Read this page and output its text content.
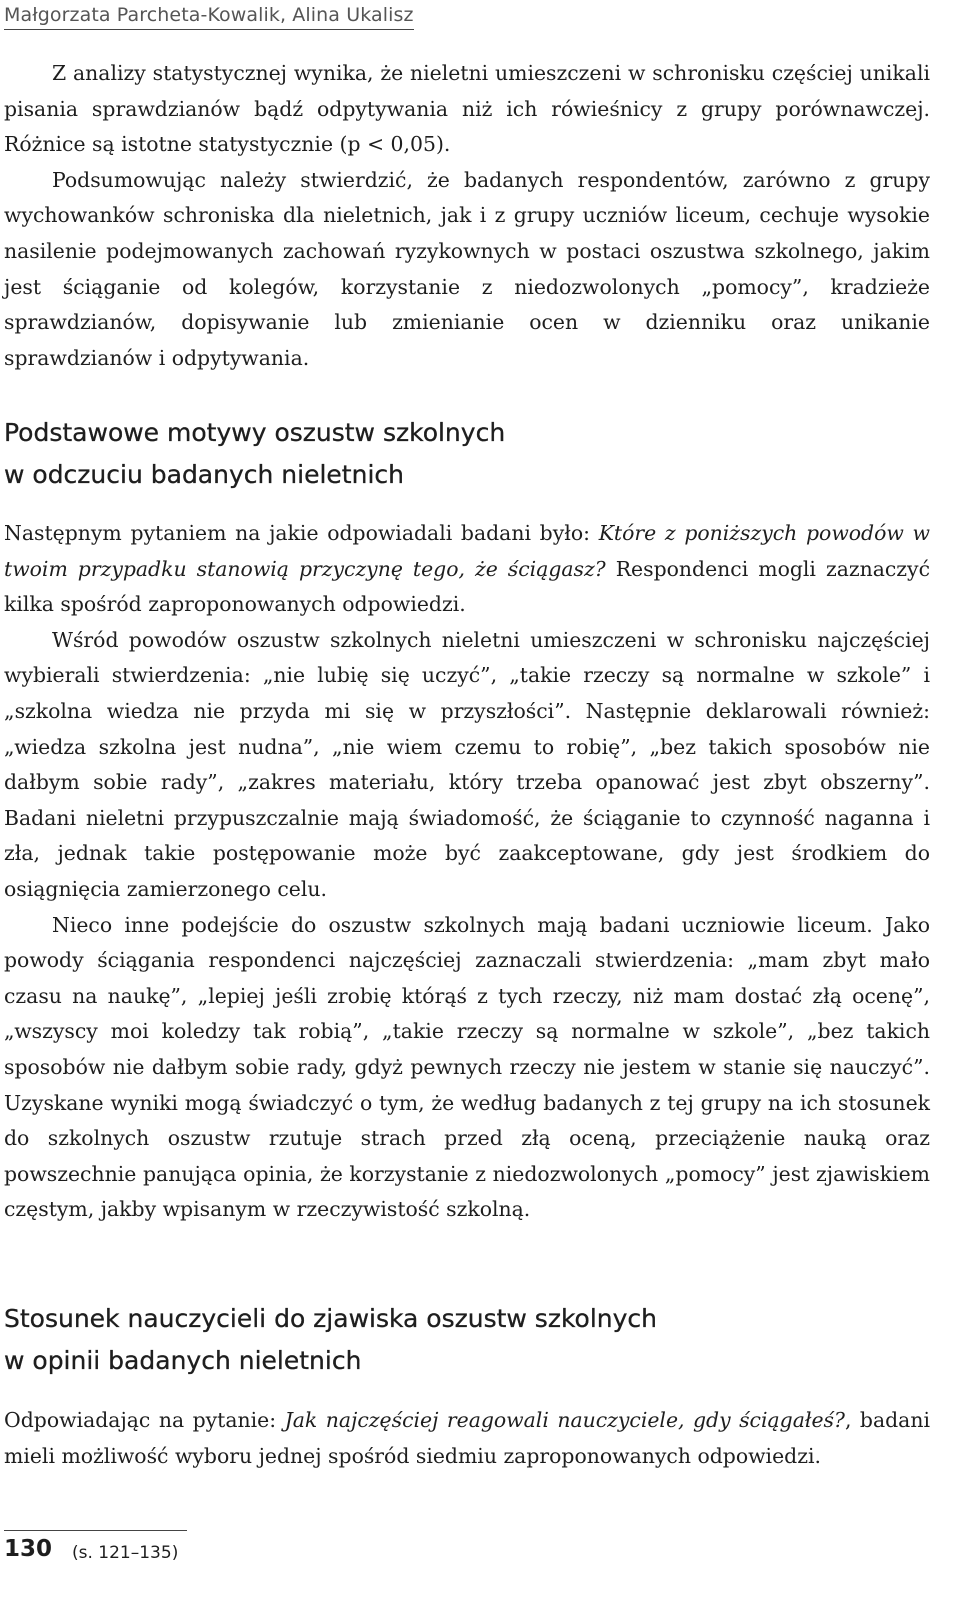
Małgorzata Parcheta-Kowalik, Alina Ukalisz

Z analizy statystycznej wynika, że nieletni umieszczeni w schronisku częściej unikali pisania sprawdzianów bądź odpytywania niż ich rówieśnicy z grupy porównawczej. Różnice są istotne statystycznie (p < 0,05).

Podsumowując należy stwierdzić, że badanych respondentów, zarówno z grupy wychowanków schroniska dla nieletnich, jak i z grupy uczniów liceum, cechuje wysokie nasilenie podejmowanych zachowań ryzykownych w postaci oszustwa szkolnego, jakim jest ściąganie od kolegów, korzystanie z niedozwolonych „pomocy”, kradzieże sprawdzianów, dopisywanie lub zmienianie ocen w dzienniku oraz unikanie sprawdzianów i odpytywania.

Podstawowe motywy oszustw szkolnych
w odczuciu badanych nieletnich

Następnym pytaniem na jakie odpowiadali badani było: Które z poniższych powodów w twoim przypadku stanowią przyczynę tego, że ściągasz? Respondenci mogli zaznaczyć kilka spośród zaproponowanych odpowiedzi.

Wśród powodów oszustw szkolnych nieletni umieszczeni w schronisku najczęściej wybierali stwierdzenia: „nie lubię się uczyć”, „takie rzeczy są normalne w szkole” i „szkolna wiedza nie przyda mi się w przyszłości”. Następnie deklarowali również: „wiedza szkolna jest nudna”, „nie wiem czemu to robię”, „bez takich sposobów nie dałbym sobie rady”, „zakres materiału, który trzeba opanować jest zbyt obszerny”. Badani nieletni przypuszczalnie mają świadomość, że ściąganie to czynność naganna i zła, jednak takie postępowanie może być zaakceptowane, gdy jest środkiem do osiągnięcia zamierzonego celu.

Nieco inne podejście do oszustw szkolnych mają badani uczniowie liceum. Jako powody ściągania respondenci najczęściej zaznaczali stwierdzenia: „mam zbyt mało czasu na naukę”, „lepiej jeśli zrobię którąś z tych rzeczy, niż mam dostać złą ocenę”, „wszyscy moi koledzy tak robią”, „takie rzeczy są normalne w szkole”, „bez takich sposobów nie dałbym sobie rady, gdyż pewnych rzeczy nie jestem w stanie się nauczyć”. Uzyskane wyniki mogą świadczyć o tym, że według badanych z tej grupy na ich stosunek do szkolnych oszustw rzutuje strach przed złą oceną, przeciążenie nauką oraz powszechnie panująca opinia, że korzystanie z niedozwolonych „pomocy” jest zjawiskiem częstym, jakby wpisanym w rzeczywistość szkolną.

Stosunek nauczycieli do zjawiska oszustw szkolnych
w opinii badanych nieletnich

Odpowiadając na pytanie: Jak najczęściej reagowali nauczyciele, gdy ściągałeś?, badani mieli możliwość wyboru jednej spośród siedmiu zaproponowanych odpowiedzi.

130 (s. 121–135)
